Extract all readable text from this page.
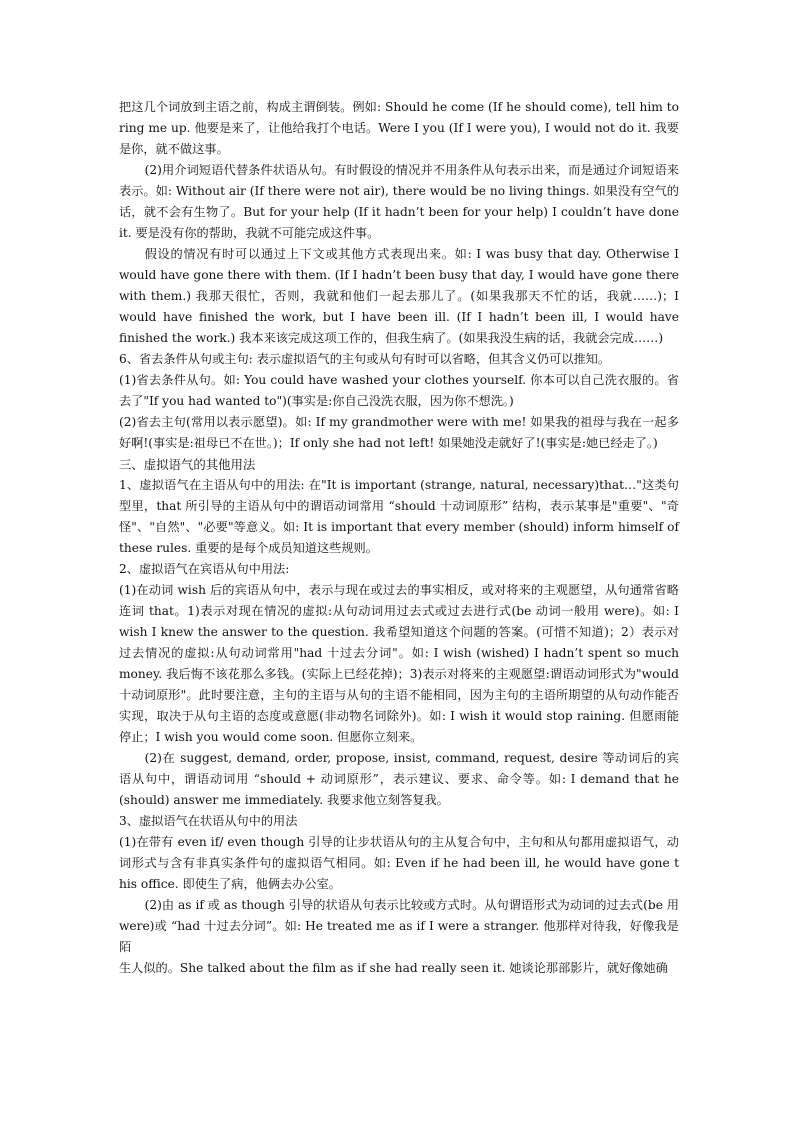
把这几个词放到主语之前，构成主谓倒装。例如: Should he come (If he should come), tell him to ring me up. 他要是来了，让他给我打个电话。Were I you (If I were you), I would not do it. 我要是你，就不做这事。

(2)用介词短语代替条件状语从句。有时假设的情况并不用条件从句表示出来，而是通过介词短语来表示。如: Without air (If there were not air), there would be no living things. 如果没有空气的话，就不会有生物了。But for your help (If it hadn’t been for your help) I couldn’t have done it. 要是没有你的帮助，我就不可能完成这件事。

假设的情况有时可以通过上下文或其他方式表现出来。如: I was busy that day. Otherwise I would have gone there with them. (If I hadn’t been busy that day, I would have gone there with them.) 我那天很忙，否则，我就和他们一起去那儿了。(如果我那天不忙的话，我就……)；I would have finished the work, but I have been ill. (If I hadn’t been ill, I would have finished the work.) 我本来该完成这项工作的，但我生病了。(如果我没生病的话，我就会完成……)

6、省去条件从句或主句: 表示虚拟语气的主句或从句有时可以省略，但其含义仍可以推知。

(1)省去条件从句。如: You could have washed your clothes yourself. 你本可以自己洗衣服的。省去了"If you had wanted to")(事实是:你自己没洗衣服，因为你不想洗。)

(2)省去主句(常用以表示愿望)。如: If my grandmother were with me! 如果我的祖母与我在一起多好啊!(事实是:祖母已不在世。)；If only she had not left! 如果她没走就好了!(事实是:她已经走了。)

三、虚拟语气的其他用法

1、虚拟语气在主语从句中的用法: 在"It is important (strange, natural, necessary)that…"这类句型里，that 所引导的主语从句中的谓语动词常用 “should 十动词原形” 结构，表示某事是"重要"、"奇怪"、"自然"、"必要"等意义。如: It is important that every member (should) inform himself of these rules. 重要的是每个成员知道这些规则。

2、虚拟语气在宾语从句中用法:

(1)在动词 wish 后的宾语从句中，表示与现在或过去的事实相反，或对将来的主观愿望，从句通常省略连词 that。1)表示对现在情况的虚拟:从句动词用过去式或过去进行式(be 动词一般用 were)。如: I wish I knew the answer to the question. 我希望知道这个问题的答案。(可惜不知道)；2）表示对过去情况的虚拟:从句动词常用"had 十过去分词"。如: I wish (wished) I hadn’t spent so much money. 我后悔不该花那么多钱。(实际上已经花掉)；3)表示对将来的主观愿望:谓语动词形式为"would 十动词原形"。此时要注意，主句的主语与从句的主语不能相同，因为主句的主语所期望的从句动作能否实现，取决于从句主语的态度或意愿(非动物名词除外)。如: I wish it would stop raining. 但愿雨能停止；I wish you would come soon. 但愿你立刻来。

(2)在 suggest, demand, order, propose, insist, command, request, desire 等动词后的宾语从句中，谓语动词用 “should + 动词原形”，表示建议、要求、命令等。如: I demand that he (should) answer me immediately. 我要求他立刻答复我。

3、虚拟语气在状语从句中的用法

(1)在带有 even if/ even though 引导的让步状语从句的主从复合句中，主句和从句都用虚拟语气，动词形式与含有非真实条件句的虚拟语气相同。如: Even if he had been ill, he would have gone t his office. 即使生了病，他俩去办公室。

(2)由 as if 或 as though 引导的状语从句表示比较或方式时。从句谓语形式为动词的过去式(be 用 were)或 “had 十过去分词”。如: He treated me as if I were a stranger. 他那样对待我，好像我是陌

生人似的。She talked about the film as if she had really seen it. 她谈论那部影片，就好像她确
